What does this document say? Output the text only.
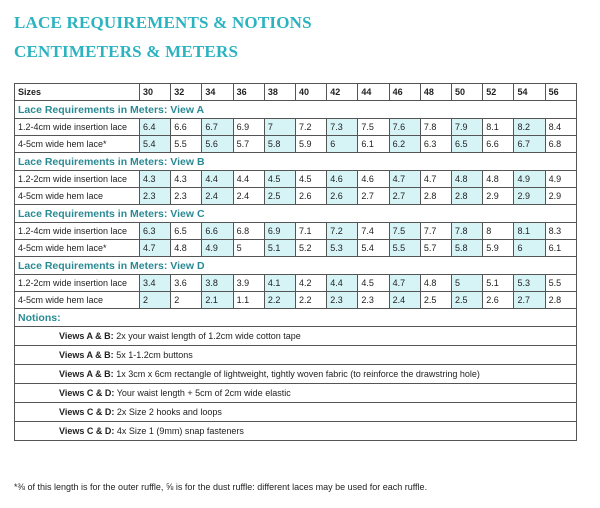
LACE REQUIREMENTS & NOTIONS
CENTIMETERS & METERS
Sizes	30	32	34	36	38	40	42	44	46	48	50	52	54	56
Lace Requirements in Meters: View A														
1.2-4cm wide insertion lace	6.4	6.6	6.7	6.9	7	7.2	7.3	7.5	7.6	7.8	7.9	8.1	8.2	8.4
4-5cm wide hem lace*	5.4	5.5	5.6	5.7	5.8	5.9	6	6.1	6.2	6.3	6.5	6.6	6.7	6.8
Lace Requirements in Meters: View B														
1.2-2cm wide insertion lace	4.3	4.3	4.4	4.4	4.5	4.5	4.6	4.6	4.7	4.7	4.8	4.8	4.9	4.9
4-5cm wide hem lace	2.3	2.3	2.4	2.4	2.5	2.6	2.6	2.7	2.7	2.8	2.8	2.9	2.9	2.9
Lace Requirements in Meters: View C														
1.2-4cm wide insertion lace	6.3	6.5	6.6	6.8	6.9	7.1	7.2	7.4	7.5	7.7	7.8	8	8.1	8.3
4-5cm wide hem lace*	4.7	4.8	4.9	5	5.1	5.2	5.3	5.4	5.5	5.7	5.8	5.9	6	6.1
Lace Requirements in Meters: View D														
1.2-2cm wide insertion lace	3.4	3.6	3.8	3.9	4.1	4.2	4.4	4.5	4.7	4.8	5	5.1	5.3	5.5
4-5cm wide hem lace	2	2	2.1	1.1	2.2	2.2	2.3	2.3	2.4	2.5	2.5	2.6	2.7	2.8
Notions:														
Views A & B: 2x your waist length of 1.2cm wide cotton tape														
Views A & B: 5x 1-1.2cm buttons														
Views A & B: 1x 3cm x 6cm rectangle of lightweight, tightly woven fabric (to reinforce the drawstring hole)														
Views C & D: Your waist length + 5cm of 2cm wide elastic														
Views C & D: 2x Size 2 hooks and loops														
Views C & D: 4x Size 1 (9mm) snap fasteners														
*⅜ of this length is for the outer ruffle, ⅝ is for the dust ruffle: different laces may be used for each ruffle.
